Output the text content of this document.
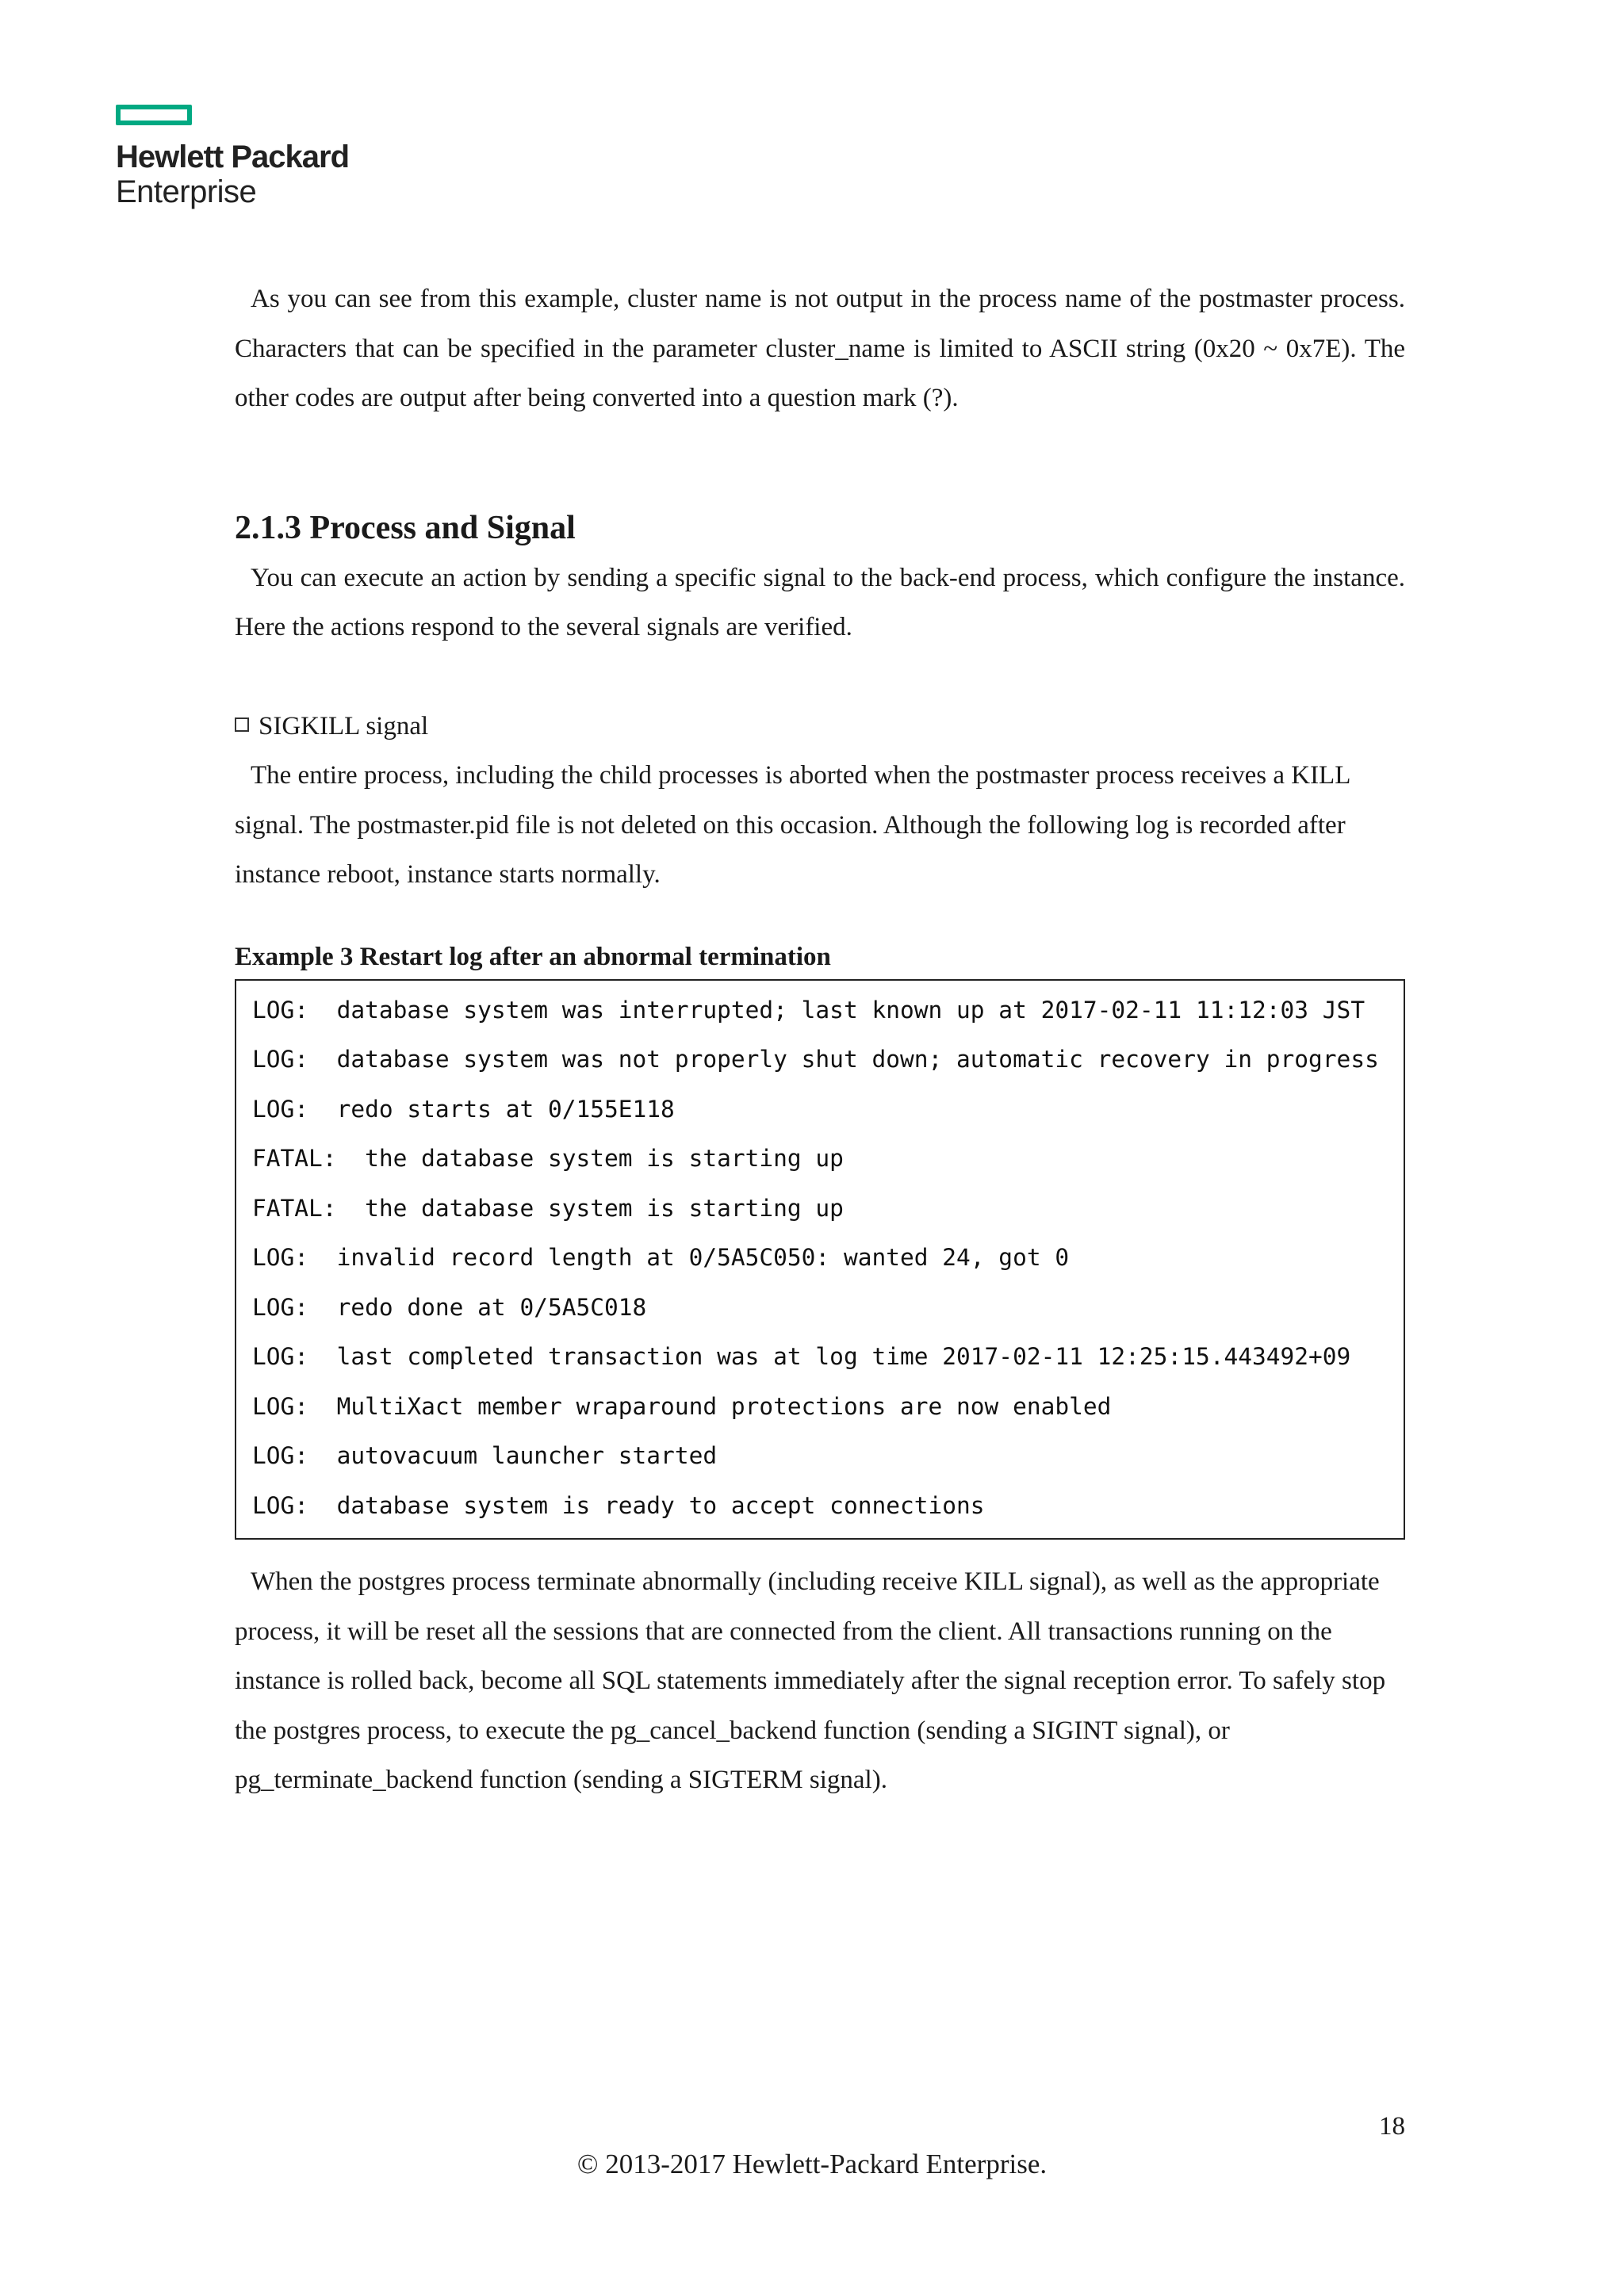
Hewlett Packard
Enterprise

As you can see from this example, cluster name is not output in the process name of the postmaster process. Characters that can be specified in the parameter cluster_name is limited to ASCII string (0x20 ~ 0x7E). The other codes are output after being converted into a question mark (?).

2.1.3 Process and Signal

You can execute an action by sending a specific signal to the back-end process, which configure the instance. Here the actions respond to the several signals are verified.

SIGKILL signal

The entire process, including the child processes is aborted when the postmaster process receives a KILL signal. The postmaster.pid file is not deleted on this occasion. Although the following log is recorded after instance reboot, instance starts normally.

Example 3 Restart log after an abnormal termination

LOG:  database system was interrupted; last known up at 2017-02-11 11:12:03 JST
LOG:  database system was not properly shut down; automatic recovery in progress
LOG:  redo starts at 0/155E118
FATAL:  the database system is starting up
FATAL:  the database system is starting up
LOG:  invalid record length at 0/5A5C050: wanted 24, got 0
LOG:  redo done at 0/5A5C018
LOG:  last completed transaction was at log time 2017-02-11 12:25:15.443492+09
LOG:  MultiXact member wraparound protections are now enabled
LOG:  autovacuum launcher started
LOG:  database system is ready to accept connections

When the postgres process terminate abnormally (including receive KILL signal), as well as the appropriate process, it will be reset all the sessions that are connected from the client. All transactions running on the instance is rolled back, become all SQL statements immediately after the signal reception error. To safely stop the postgres process, to execute the pg_cancel_backend function (sending a SIGINT signal), or pg_terminate_backend function (sending a SIGTERM signal).

18
© 2013-2017 Hewlett-Packard Enterprise.
